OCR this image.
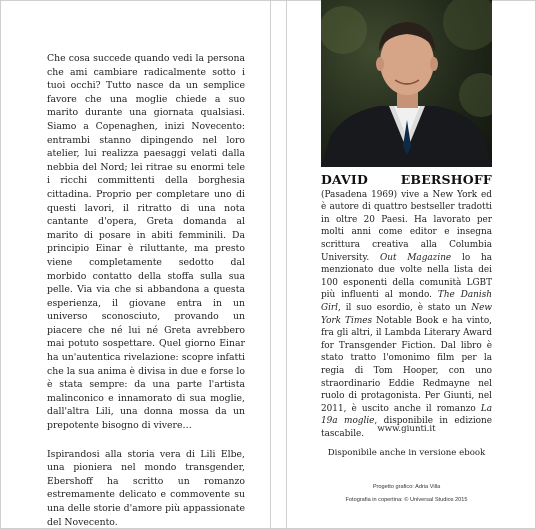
Che cosa succede quando vedi la persona che ami cambiare radicalmente sotto i tuoi occhi? Tutto nasce da un semplice favore che una moglie chiede a suo marito durante una giornata qualsiasi. Siamo a Copenaghen, inizi Novecento: entrambi stanno dipingendo nel loro atelier, lui realizza paesaggi velati dalla nebbia del Nord; lei ritrae su enormi tele i ricchi committenti della borghesia cittadina. Proprio per completare uno di questi lavori, il ritratto di una nota cantante d'opera, Greta domanda al marito di posare in abiti femminili. Da principio Einar è riluttante, ma presto viene completamente sedotto dal morbido contatto della stoffa sulla sua pelle. Via via che si abbandona a questa esperienza, il giovane entra in un universo sconosciuto, provando un piacere che né lui né Greta avrebbero mai potuto sospettare. Quel giorno Einar ha un'autentica rivelazione: scopre infatti che la sua anima è divisa in due e forse lo è stata sempre: da una parte l'artista malinconico e innamorato di sua moglie, dall'altra Lili, una donna mossa da un prepotente bisogno di vivere…

Ispirandosi alla storia vera di Lili Elbe, una pioniera nel mondo transgender, Ebershoff ha scritto un romanzo estremamente delicato e commovente su una delle storie d'amore più appassionate del Novecento.

DAVID EBERSHOFF (Pasadena 1969) vive a New York ed è autore di quattro bestseller tradotti in oltre 20 Paesi. Ha lavorato per molti anni come editor e insegna scrittura creativa alla Columbia University. Out Magazine lo ha menzionato due volte nella lista dei 100 esponenti della comunità LGBT più influenti al mondo. The Danish Girl, il suo esordio, è stato un New York Times Notable Book e ha vinto, fra gli altri, il Lambda Literary Award for Transgender Fiction. Dal libro è stato tratto l'omonimo film per la regia di Tom Hooper, con uno straordinario Eddie Redmayne nel ruolo di protagonista. Per Giunti, nel 2011, è uscito anche il romanzo La 19a moglie, disponibile in edizione tascabile.	www.giunti.it
Disponibile anche in versione ebook
Progetto grafico: Adria Villa
Fotografia in copertina: © Universal Studios 2015
